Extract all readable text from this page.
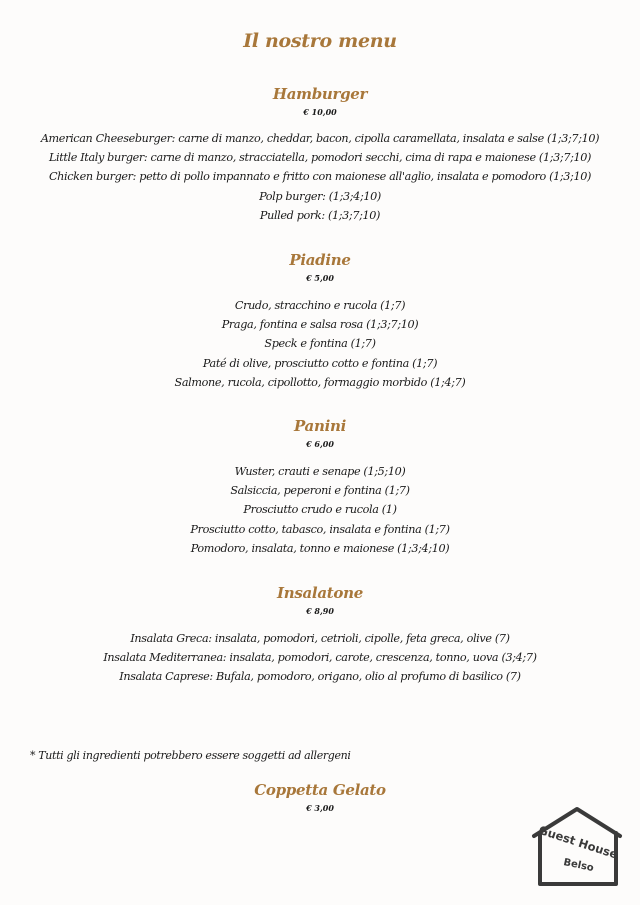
Il nostro menu
Hamburger
€ 10,00
American Cheeseburger: carne di manzo, cheddar, bacon, cipolla caramellata, insalata e salse (1;3;7;10)
Little Italy burger: carne di manzo, stracciatella, pomodori secchi, cima di rapa e maionese (1;3;7;10)
Chicken burger: petto di pollo impannato e fritto con maionese all'aglio, insalata e pomodoro (1;3;10)
Polp burger: (1;3;4;10)
Pulled pork: (1;3;7;10)
Piadine
€ 5,00
Crudo, stracchino e rucola (1;7)
Praga, fontina e salsa rosa (1;3;7;10)
Speck e fontina (1;7)
Paté di olive, prosciutto cotto e fontina (1;7)
Salmone, rucola, cipollotto, formaggio morbido (1;4;7)
Panini
€ 6,00
Wuster, crauti e senape (1;5;10)
Salsiccia, peperoni e fontina (1;7)
Prosciutto crudo e rucola (1)
Prosciutto cotto, tabasco, insalata e fontina (1;7)
Pomodoro, insalata, tonno e maionese (1;3;4;10)
Insalatone
€ 8,90
Insalata Greca: insalata, pomodori, cetrioli, cipolle, feta greca, olive (7)
Insalata Mediterranea: insalata, pomodori, carote, crescenza, tonno, uova (3;4;7)
Insalata Caprese: Bufala, pomodoro, origano, olio al profumo di basilico (7)
* Tutti gli ingredienti potrebbero essere soggetti ad allergeni
Coppetta Gelato
€ 3,00
Guest House
Belso
